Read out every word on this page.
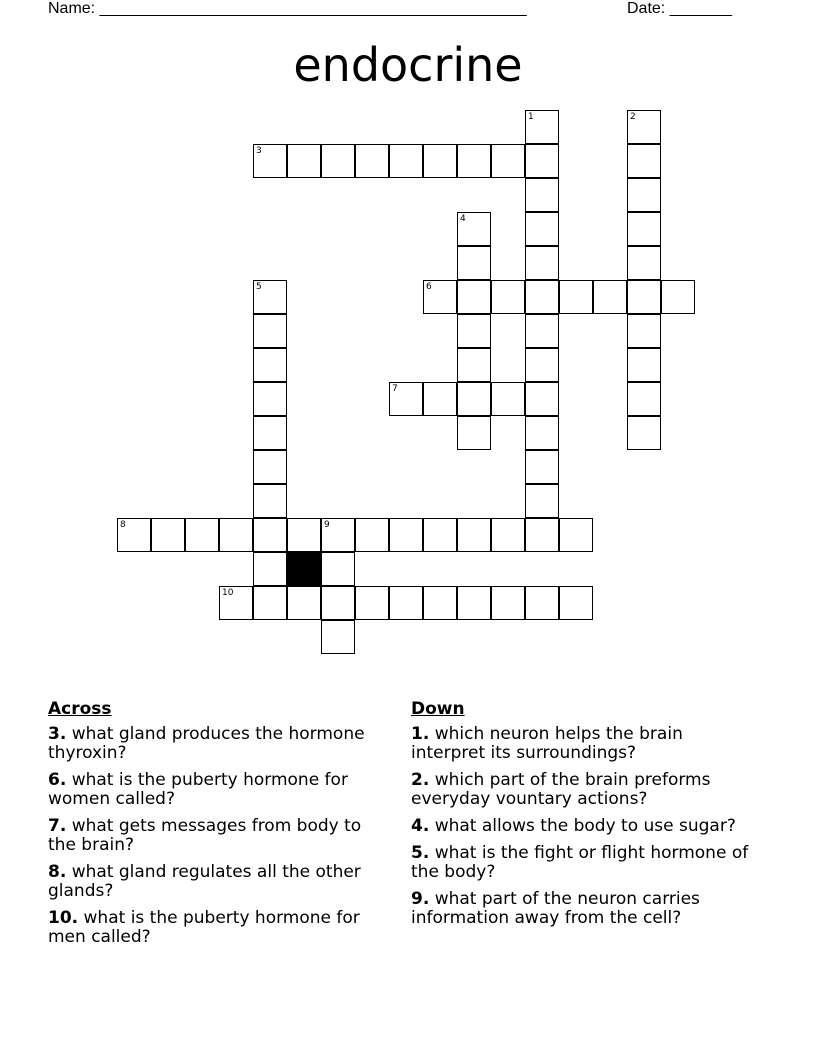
Name: ________________________________________________	Date: _______
endocrine
1	2
3
4
5	6
7
8	9
10
Across
3. what gland produces the hormone thyroxin?
6. what is the puberty hormone for women called?
7. what gets messages from body to the brain?
8. what gland regulates all the other glands?
10. what is the puberty hormone for men called?
Down
1. which neuron helps the brain interpret its surroundings?
2. which part of the brain preforms everyday vountary actions?
4. what allows the body to use sugar?
5. what is the fight or flight hormone of the body?
9. what part of the neuron carries information away from the cell?
